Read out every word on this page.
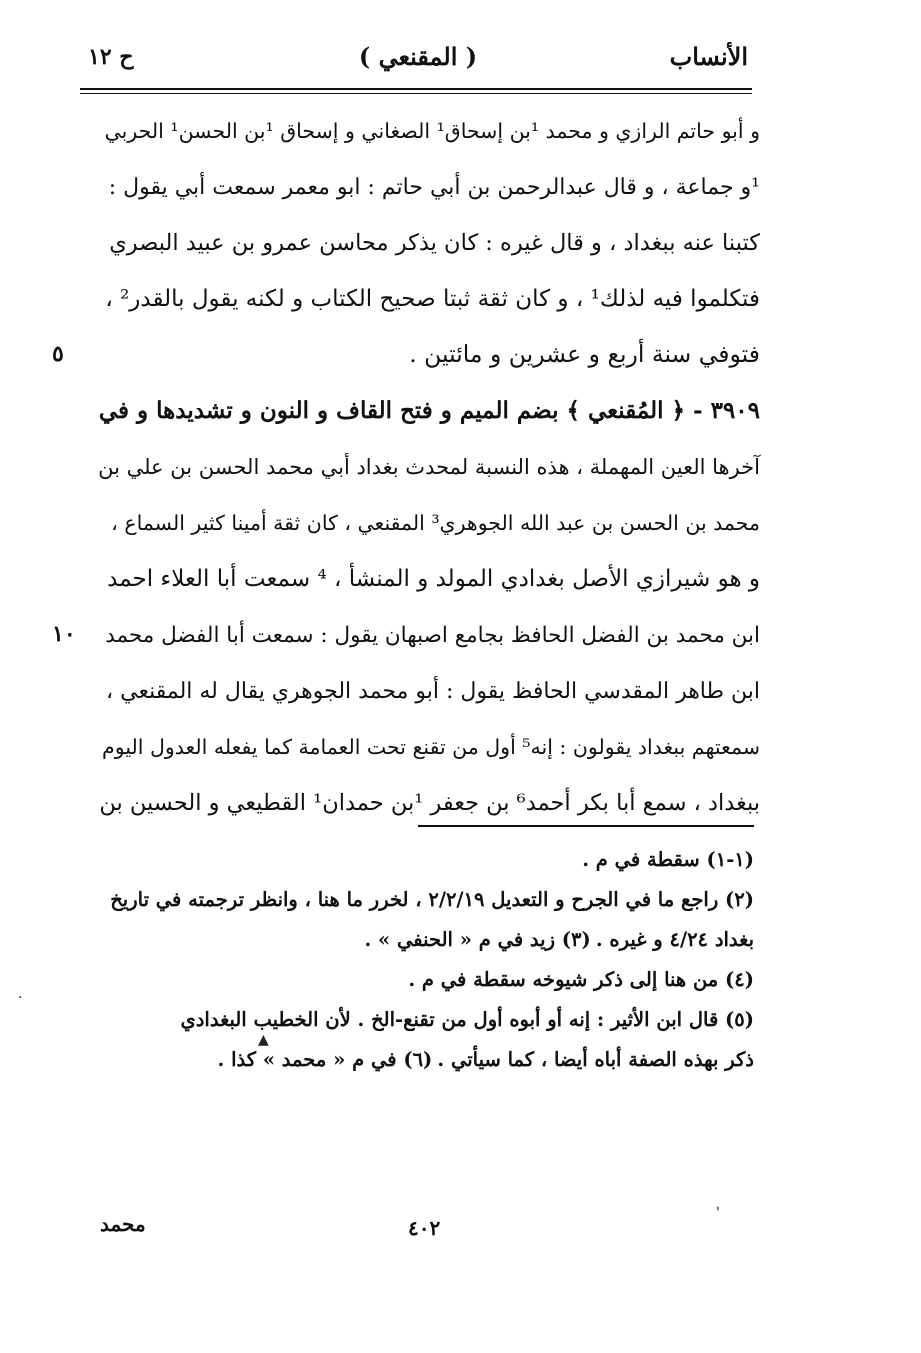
الأنساب
( المقنعي )
ح ١٢
و أبو حاتم الرازي و محمد ¹بن إسحاق¹ الصغاني و إسحاق ¹بن الحسن¹ الحربي
¹و جماعة ، و قال عبدالرحمن بن أبي حاتم : ابو معمر سمعت أبي يقول :
كتبنا عنه ببغداد ، و قال غيره : كان يذكر محاسن عمرو بن عبيد البصري
فتكلموا فيه لذلك¹ ، و كان ثقة ثبتا صحيح الكتاب و لكنه يقول بالقدر² ،
فتوفي سنة أربع و عشرين و مائتين .
٥
٣٩٠٩ - ﴿ المُقنعي ﴾ بضم الميم و فتح القاف و النون و تشديدها و في
آخرها العين المهملة ، هذه النسبة لمحدث بغداد أبي محمد الحسن بن علي بن
محمد بن الحسن بن عبد الله الجوهري³ المقنعي ، كان ثقة أمينا كثير السماع ،
و هو شيرازي الأصل بغدادي المولد و المنشأ ، ⁴ سمعت أبا العلاء احمد
ابن محمد بن الفضل الحافظ بجامع اصبهان يقول : سمعت أبا الفضل محمد
١٠
ابن طاهر المقدسي الحافظ يقول : أبو محمد الجوهري يقال له المقنعي ،
سمعتهم ببغداد يقولون : إنه⁵ أول من تقنع تحت العمامة كما يفعله العدول اليوم
ببغداد ، سمع أبا بكر أحمد⁶ بن جعفر ¹بن حمدان¹ القطيعي و الحسين بن
(١-١) سقطة في م . (٢) راجع ما في الجرح و التعديل ٢/٢/١٩ ، لخرر ما هنا ، وانظر ترجمته في تاريخ بغداد ٤/٢٤ و غيره . (٣) زيد في م « الحنفي » . (٤) من هنا إلى ذكر شيوخه سقطة في م . (٥) قال ابن الأثير : إنه أو أبوه أول من تقنع-الخ . لأن الخطيب البغدادي ذكر بهذه الصفة أباه أيضا ، كما سيأتي . (٦) في م « محمد » كذا .
محمد	٤٠٢
·
▲
'
